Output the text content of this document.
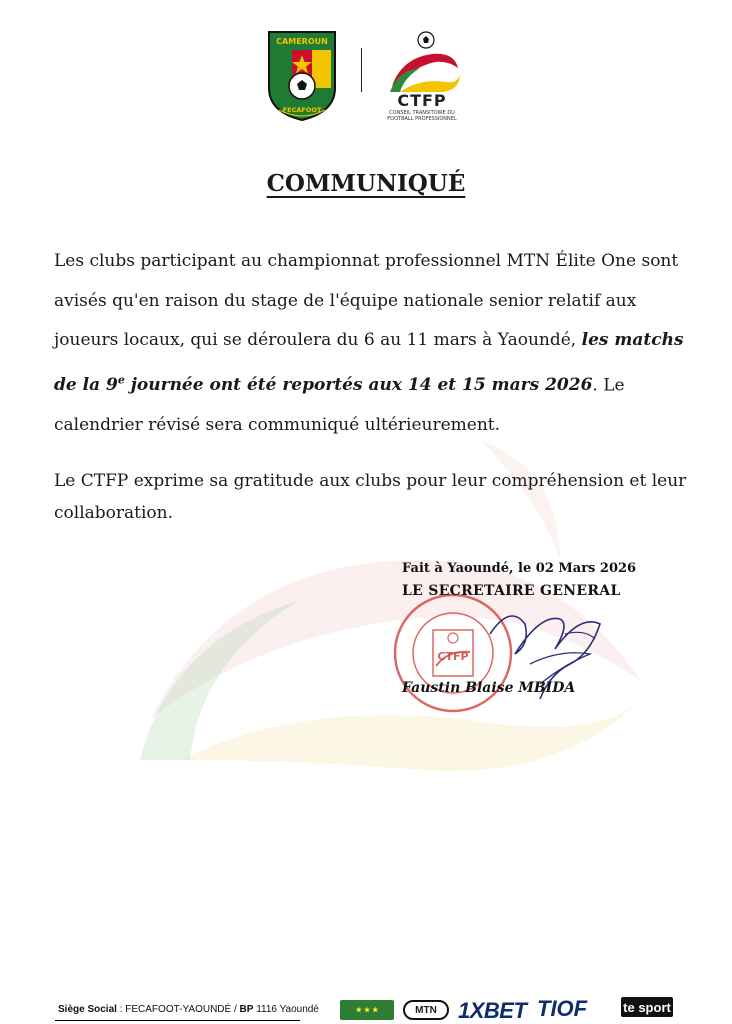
CAMEROUN
FECAFOOT	CTFP
CONSEIL TRANSITOIRE DU FOOTBALL PROFESSIONNEL
COMMUNIQUÉ
Les clubs participant au championnat professionnel MTN Élite One sont avisés qu'en raison du stage de l'équipe nationale senior relatif aux joueurs locaux, qui se déroulera du 6 au 11 mars à Yaoundé, les matchs de la 9e journée ont été reportés aux 14 et 15 mars 2026. Le calendrier révisé sera communiqué ultérieurement.
Le CTFP exprime sa gratitude aux clubs pour leur compréhension et leur collaboration.
CTFP
Fait à Yaoundé, le 02 Mars 2026
LE SECRETAIRE GENERAL
Faustin Blaise MBIDA
Siège Social : FECAFOOT-YAOUNDÉ / BP 1116 Yaoundé	★ ★ ★	MTN 1XBET TIOF	te sport
